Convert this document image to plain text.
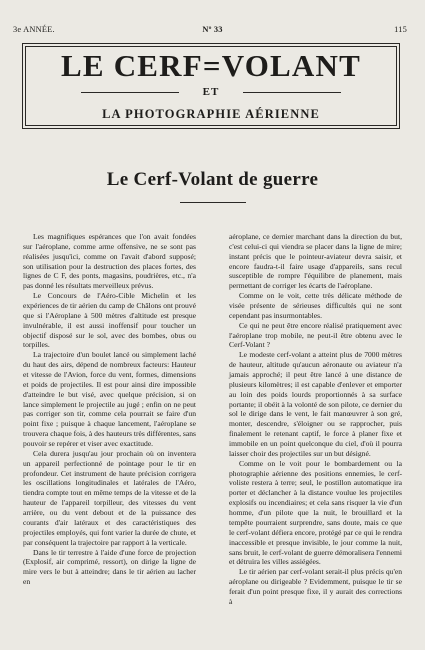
3e ANNÉE.	Nº 33	115
LE CERF=VOLANT
ET
LA PHOTOGRAPHIE AÉRIENNE
Le Cerf-Volant de guerre

Les magnifiques espérances que l'on avait fondées sur l'aéroplane, comme arme offensive, ne se sont pas réalisées jusqu'ici, comme on l'avait d'abord supposé; son utilisation pour la destruction des places fortes, des lignes de C F, des ponts, magasins, poudrières, etc., n'a pas donné les résultats merveilleux prévus.

Le Concours de l'Aéro-Cible Michelin et les expériences de tir aérien du camp de Châlons ont prouvé que si l'Aéroplane à 500 mètres d'altitude est presque invulnérable, il est aussi inoffensif pour toucher un objectif disposé sur le sol, avec des bombes, obus ou torpilles.

La trajectoire d'un boulet lancé ou simplement laché du haut des airs, dépend de nombreux facteurs: Hauteur et vitesse de l'Avion, force du vent, formes, dimensions et poids de projectiles. Il est pour ainsi dire impossible d'atteindre le but visé, avec quelque précision, si on lance simplement le projectile au jugé ; enfin on ne peut pas corriger son tir, comme cela pourrait se faire d'un point fixe ; puisque à chaque lancement, l'aéroplane se trouvera chaque fois, à des hauteurs très différentes, sans pouvoir se repérer et viser avec exactitude.

Cela durera jusqu'au jour prochain où on inventera un appareil perfectionné de pointage pour le tir en profondeur. Cet instrument de haute précision corrigera les oscillations longitudinales et latérales de l'Aéro, tiendra compte tout en même temps de la vitesse et de la hauteur de l'appareil torpilleur, des vitesses du vent arrière, ou du vent debout et de la puissance des courants d'air latéraux et des caractéristiques des projectiles employés, qui font varier la durée de chute, et par conséquent la trajectoire par rapport à la verticale.

Dans le tir terrestre à l'aide d'une force de projection (Explosif, air comprimé, ressort), on dirige la ligne de mire vers le but à atteindre; dans le tir aérien au lacher en

aéroplane, ce dernier marchant dans la direction du but, c'est celui-ci qui viendra se placer dans la ligne de mire; instant précis que le pointeur-aviateur devra saisir, et encore faudra-t-il faire usage d'appareils, sans recul susceptible de rompre l'équilibre de planement, mais permettant de corriger les écarts de l'aéroplane.

Comme on le voit, cette très délicate méthode de visée présente de sérieuses difficultés qui ne sont cependant pas insurmontables.

Ce qui ne peut être encore réalisé pratiquement avec l'aéroplane trop mobile, ne peut-il être obtenu avec le Cerf-Volant ?

Le modeste cerf-volant a atteint plus de 7000 mètres de hauteur, altitude qu'aucun aéronaute ou aviateur n'a jamais approché; il peut être lancé à une distance de plusieurs kilomètres; il est capable d'enlever et emporter au loin des poids lourds proportionnés à sa surface portante; il obéit à la volonté de son pilote, ce dernier du sol le dirige dans le vent, le fait manœuvrer à son gré, monter, descendre, s'éloigner ou se rapprocher, puis finalement le retenant captif, le force à planer fixe et immobile en un point quelconque du ciel, d'où il pourra laisser choir des projectiles sur un but désigné.

Comme on le voit pour le bombardement ou la photographie aérienne des positions ennemies, le cerf-voliste restera à terre; seul, le postillon automatique ira porter et déclancher à la distance voulue les projectiles explosifs ou incendiaires; et cela sans risquer la vie d'un homme, d'un pilote que la nuit, le brouillard et la tempête pourraient surprendre, sans doute, mais ce que le cerf-volant défiera encore, protégé par ce qui le rendra inaccessible et presque invisible, le jour comme la nuit, sans bruit, le cerf-volant de guerre démoralisera l'ennemi et détruira les villes assiégées.

Le tir aérien par cerf-volant serait-il plus précis qu'en aéroplane ou dirigeable ? Evidemment, puisque le tir se ferait d'un point presque fixe, il y aurait des corrections à
